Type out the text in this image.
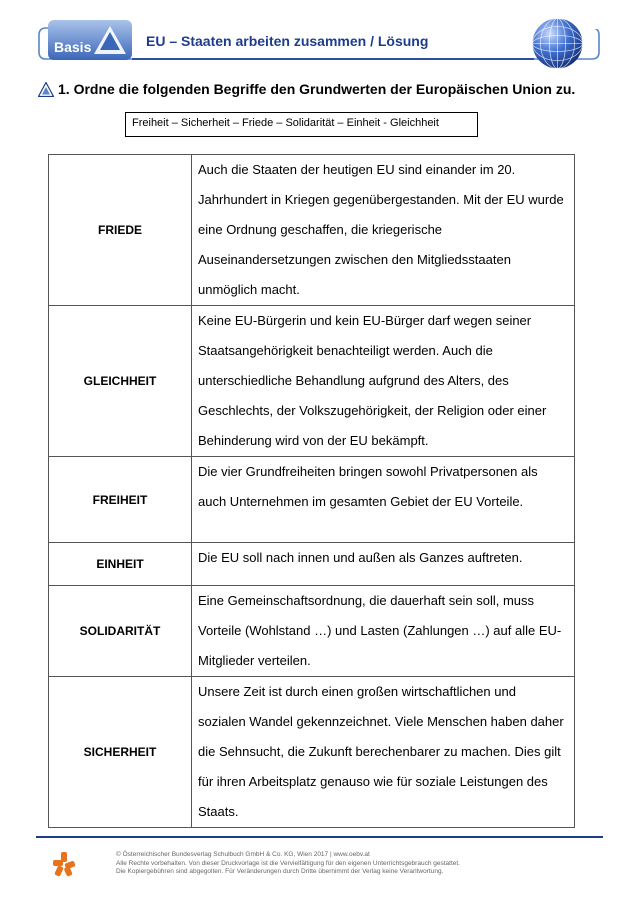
Basis	EU – Staaten arbeiten zusammen / Lösung
1. Ordne die folgenden Begriffe den Grundwerten der Europäischen Union zu.
Freiheit – Sicherheit – Friede – Solidarität – Einheit - Gleichheit
FRIEDE	Auch die Staaten der heutigen EU sind einander im 20. Jahrhundert in Kriegen gegenübergestanden. Mit der EU wurde eine Ordnung geschaffen, die kriegerische Auseinandersetzungen zwischen den Mitgliedsstaaten unmöglich macht.
GLEICHHEIT	Keine EU-Bürgerin und kein EU-Bürger darf wegen seiner Staatsangehörigkeit benachteiligt werden. Auch die unterschiedliche Behandlung aufgrund des Alters, des Geschlechts, der Volkszugehörigkeit, der Religion oder einer Behinderung wird von der EU bekämpft.
FREIHEIT	Die vier Grundfreiheiten bringen sowohl Privatpersonen als auch Unternehmen im gesamten Gebiet der EU Vorteile.
EINHEIT	Die EU soll nach innen und außen als Ganzes auftreten.
SOLIDARITÄT	Eine Gemeinschaftsordnung, die dauerhaft sein soll, muss Vorteile (Wohlstand …) und Lasten (Zahlungen …) auf alle EU-Mitglieder verteilen.
SICHERHEIT	Unsere Zeit ist durch einen großen wirtschaftlichen und sozialen Wandel gekennzeichnet. Viele Menschen haben daher die Sehnsucht, die Zukunft berechenbarer zu machen. Dies gilt für ihren Arbeitsplatz genauso wie für soziale Leistungen des Staats.
© Österreichischer Bundesverlag Schulbuch GmbH & Co. KG, Wien 2017 | www.oebv.at
Alle Rechte vorbehalten. Von dieser Druckvorlage ist die Vervielfältigung für den eigenen Unterrichtsgebrauch gestattet.
Die Kopiergebühren sind abgegolten. Für Veränderungen durch Dritte übernimmt der Verlag keine Verantwortung.
